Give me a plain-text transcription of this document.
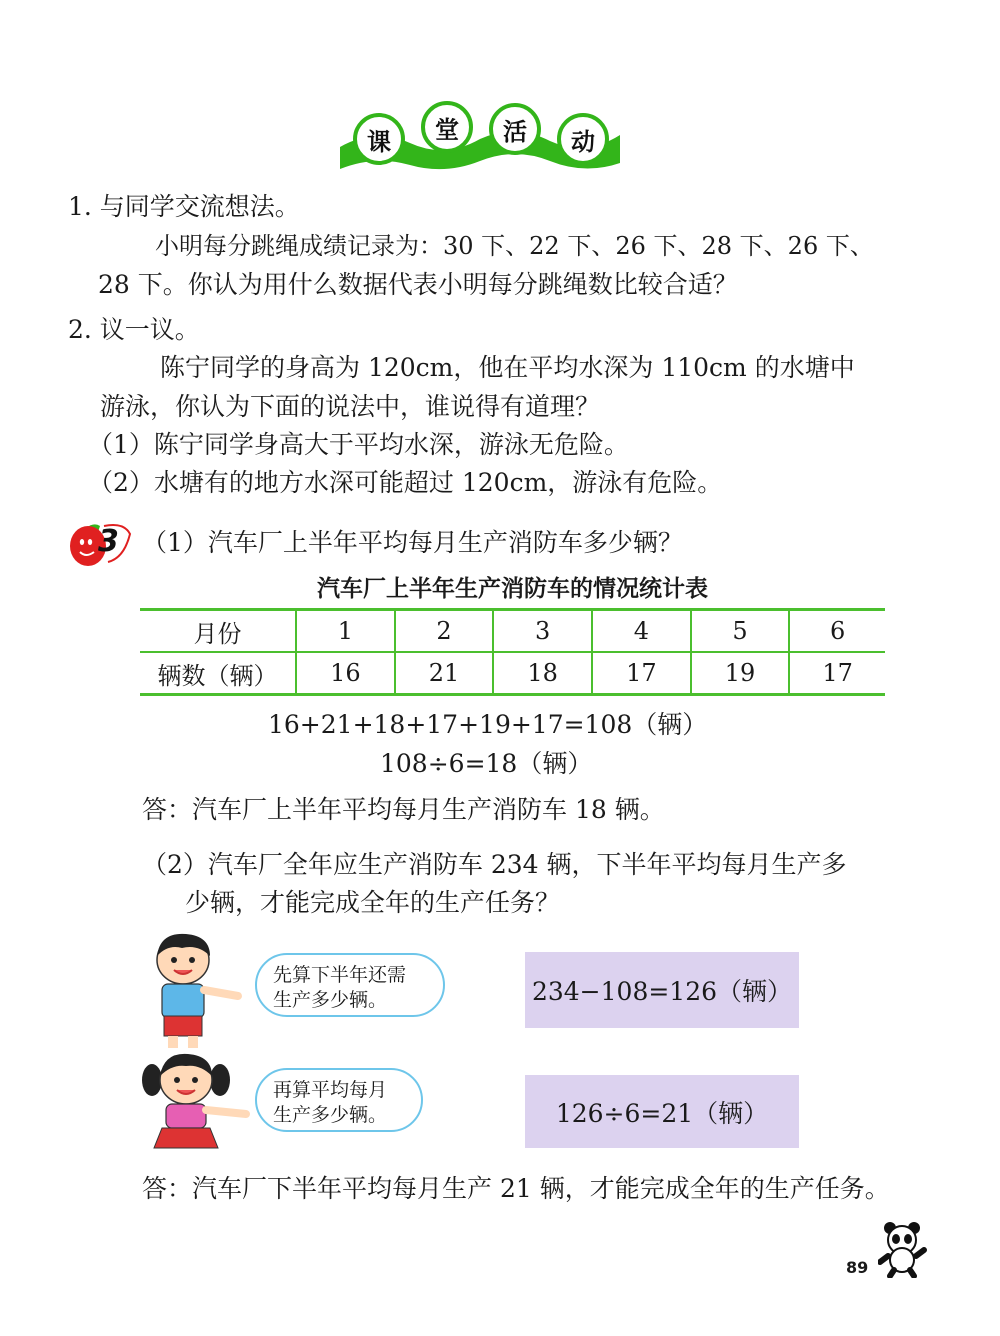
课	堂	活	动
1. 与同学交流想法。
小明每分跳绳成绩记录为：30 下、22 下、26 下、28 下、26 下、
28 下。你认为用什么数据代表小明每分跳绳数比较合适？
2. 议一议。
陈宁同学的身高为 120cm，他在平均水深为 110cm 的水塘中
游泳，你认为下面的说法中，谁说得有道理？
（1）陈宁同学身高大于平均水深，游泳无危险。
（2）水塘有的地方水深可能超过 120cm，游泳有危险。
3 （1）汽车厂上半年平均每月生产消防车多少辆？
汽车厂上半年生产消防车的情况统计表
月份	1	2	3	4	5	6
辆数（辆）	16	21	18	17	19	17
16+21+18+17+19+17=108（辆）
108÷6=18（辆）
答：汽车厂上半年平均每月生产消防车 18 辆。
（2）汽车厂全年应生产消防车 234 辆，下半年平均每月生产多
少辆，才能完成全年的生产任务？
先算下半年还需
生产多少辆。	234−108=126（辆）
再算平均每月
生产多少辆。	126÷6=21（辆）
答：汽车厂下半年平均每月生产 21 辆，才能完成全年的生产任务。
89
